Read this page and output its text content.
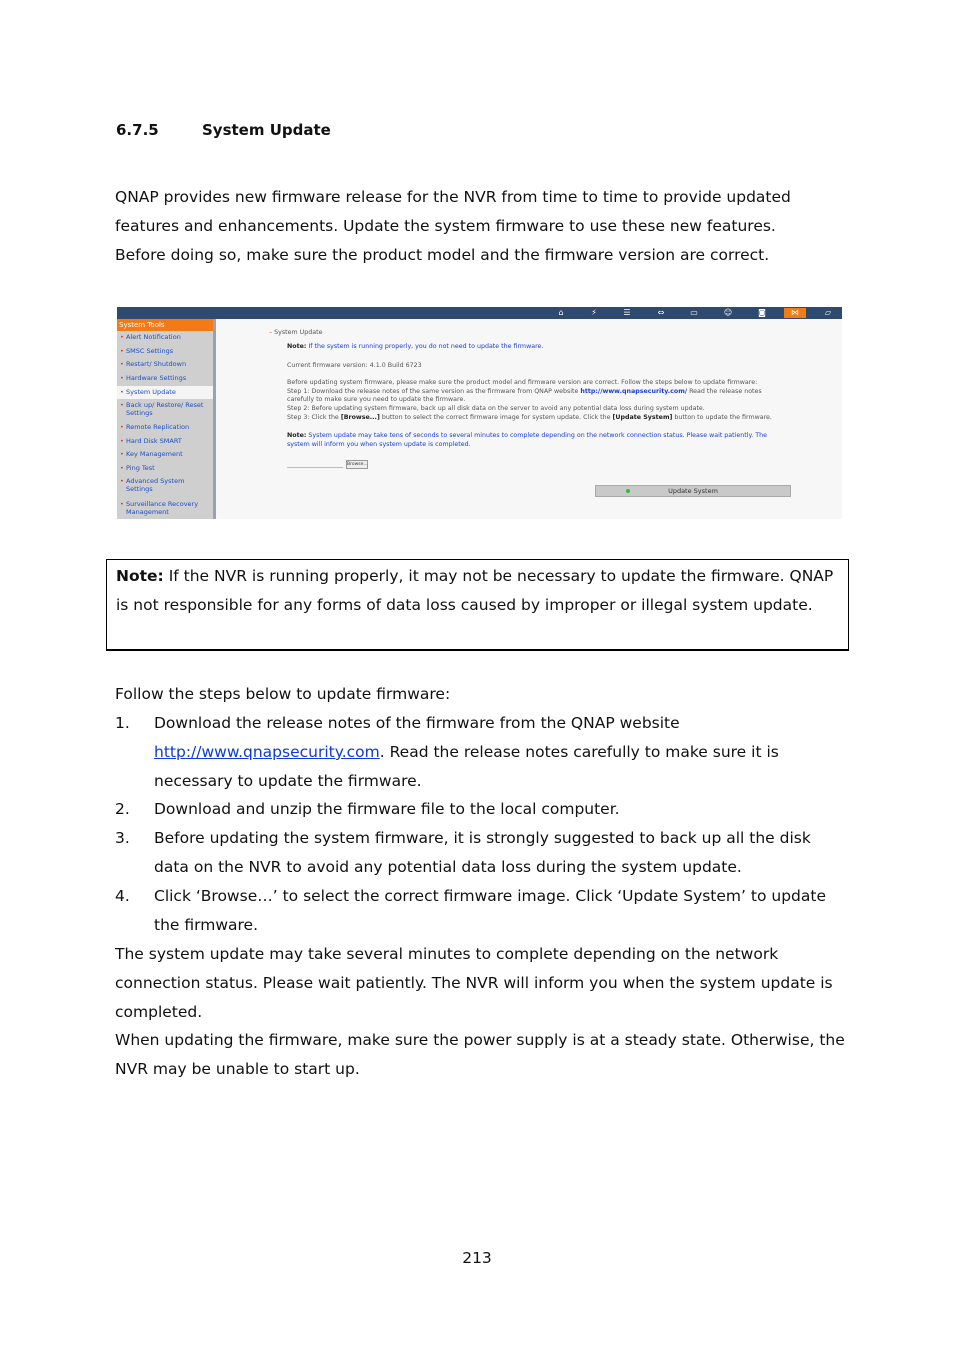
6.7.5	System Update
QNAP provides new firmware release for the NVR from time to time to provide updated
features and enhancements. Update the system firmware to use these new features.
Before doing so, make sure the product model and the firmware version are correct.
⌂	⚡	☰	⇔	▭	☺	◙	⋈	▱
System Tools
• Alert Notification
• SMSC Settings
• Restart/ Shutdown
• Hardware Settings
• System Update
• Back up/ Restore/ Reset Settings
• Remote Replication
• Hard Disk SMART
• Key Management
• Ping Test
• Advanced System Settings
• Surveillance Recovery Management
– System Update
Note: If the system is running properly, you do not need to update the firmware.
Current firmware version: 4.1.0 Build 6723
Before updating system firmware, please make sure the product model and firmware version are correct. Follow the steps below to update firmware:
Step 1: Download the release notes of the same version as the firmware from QNAP website http://www.qnapsecurity.com/ Read the release notes
carefully to make sure you need to update the firmware.
Step 2: Before updating system firmware, back up all disk data on the server to avoid any potential data loss during system update.
Step 3: Click the [Browse...] button to select the correct firmware image for system update. Click the [Update System] button to update the firmware.
Note: System update may take tens of seconds to several minutes to complete depending on the network connection status. Please wait patiently. The
system will inform you when system update is completed.
Browse...
Update System
Note: If the NVR is running properly, it may not be necessary to update the firmware. QNAP is not responsible for any forms of data loss caused by improper or illegal system update.
Follow the steps below to update firmware:
1. Download the release notes of the firmware from the QNAP website
http://www.qnapsecurity.com. Read the release notes carefully to make sure it is necessary to update the firmware.
2. Download and unzip the firmware file to the local computer.
3. Before updating the system firmware, it is strongly suggested to back up all the disk data on the NVR to avoid any potential data loss during the system update.
4. Click ‘Browse…’ to select the correct firmware image. Click ‘Update System’ to update the firmware.
The system update may take several minutes to complete depending on the network connection status. Please wait patiently. The NVR will inform you when the system update is completed.
When updating the firmware, make sure the power supply is at a steady state. Otherwise, the NVR may be unable to start up.
213
